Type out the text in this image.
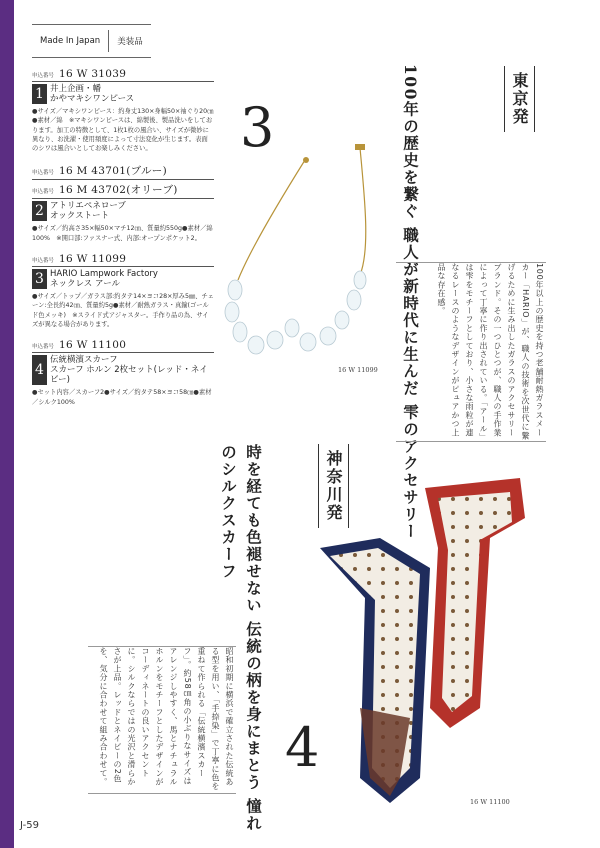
Made In Japan	美装品
申込番号 16 W 31039
1 井上企画・幡
かやマキシワンピース
●サイズ／マキシワンピース：約身丈130×身幅50×袖ぐり20㎝●素材／綿　※マキシワンピースは、綿製後、製品洗いをしております。加工の特徴として、1枚1枚の風合い、サイズが微妙に異なり、お洗濯・使用頻度によって寸法変化が生じます。表面のシワは風合いとしてお楽しみください。
申込番号 16 M 43701(ブルー)
申込番号 16 M 43702(オリーブ)
2 アトリエペネローブ
オックストート
●サイズ／約高さ35×幅50×マチ12㎝、質量約550g●素材／綿100%　※開口部:ファスナー式、内部:オープンポケット2。
申込番号 16 W 11099
3 HARIO Lampwork Factory
ネックレス アール
●サイズ／トップ／ガラス部:約タテ14×ヨコ28×厚み5㎜、チェーン:全長約42㎝、質量約5g●素材／耐熱ガラス・真鍮(ゴールド色メッキ)　※スライド式アジャスター。手作り品の為、サイズが異なる場合があります。
申込番号 16 W 11100
4
伝統横濱スカーフ
スカーフ ホルン 2枚セット(レッド・ネイビー)
●セット内容／スカーフ2●サイズ／約タテ58×ヨコ58㎝●素材／シルク100%
3
16 W 11099
東京発
100年の歴史を繋ぐ 職人が新時代に生んだ 雫のアクセサリー
100年以上の歴史を持つ老舗耐熱ガラスメーカー「HARIO」が、職人の技術を次世代に繋げるために生み出したガラスのアクセサリーブランド。その一つひとつが、職人の手作業によって丁寧に作り出されている。「アール」は雫をモチーフとしており、小さな雨粒が連なるレースのようなデザインがピュアかつ上品な存在感。
神奈川発
時を経ても色褪せない 伝統の柄を身にまとう 憧れのシルクスカーフ
16 W 11100
4
昭和初期に横浜で確立された伝統ある型を用い、「手捺染」で丁寧に色を重ねて作られる「伝統横濱スカーフ」。約58㎝角の小ぶりなサイズはアレンジしやすく、馬とナチュラルホルンをモチーフとしたデザインがコーディネートの良いアクセントに。シルクならではの光沢と滑らかさが上品。レッドとネイビーの2色を、気分に合わせて組み合わせて。
J-59
